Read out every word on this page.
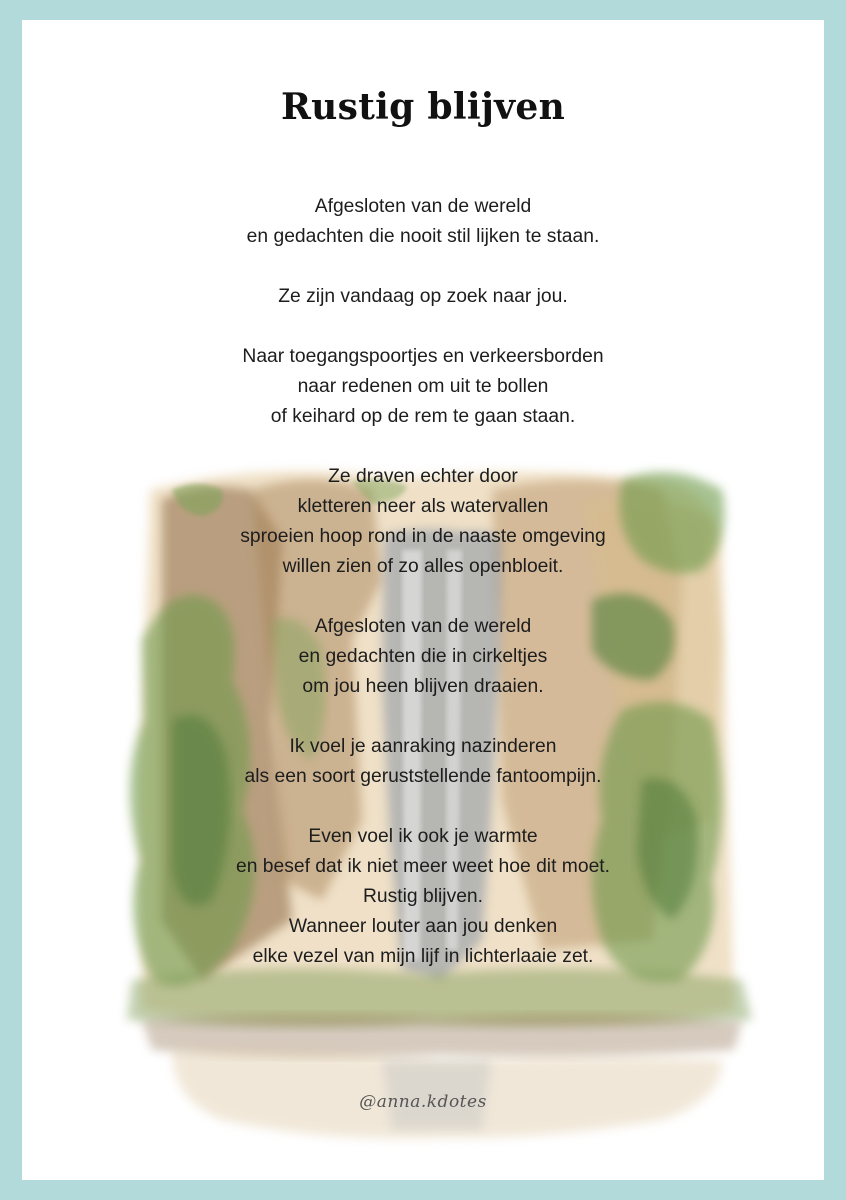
Rustig blijven
Afgesloten van de wereld
en gedachten die nooit stil lijken te staan.
Ze zijn vandaag op zoek naar jou.
Naar toegangspoortjes en verkeersborden
naar redenen om uit te bollen
of keihard op de rem te gaan staan.
Ze draven echter door
kletteren neer als watervallen
sproeien hoop rond in de naaste omgeving
willen zien of zo alles openbloeit.
Afgesloten van de wereld
en gedachten die in cirkeltjes
om jou heen blijven draaien.
Ik voel je aanraking nazinderen
als een soort geruststellende fantoompijn.
Even voel ik ook je warmte
en besef dat ik niet meer weet hoe dit moet.
Rustig blijven.
Wanneer louter aan jou denken
elke vezel van mijn lijf in lichterlaaie zet.
@anna.kdotes
